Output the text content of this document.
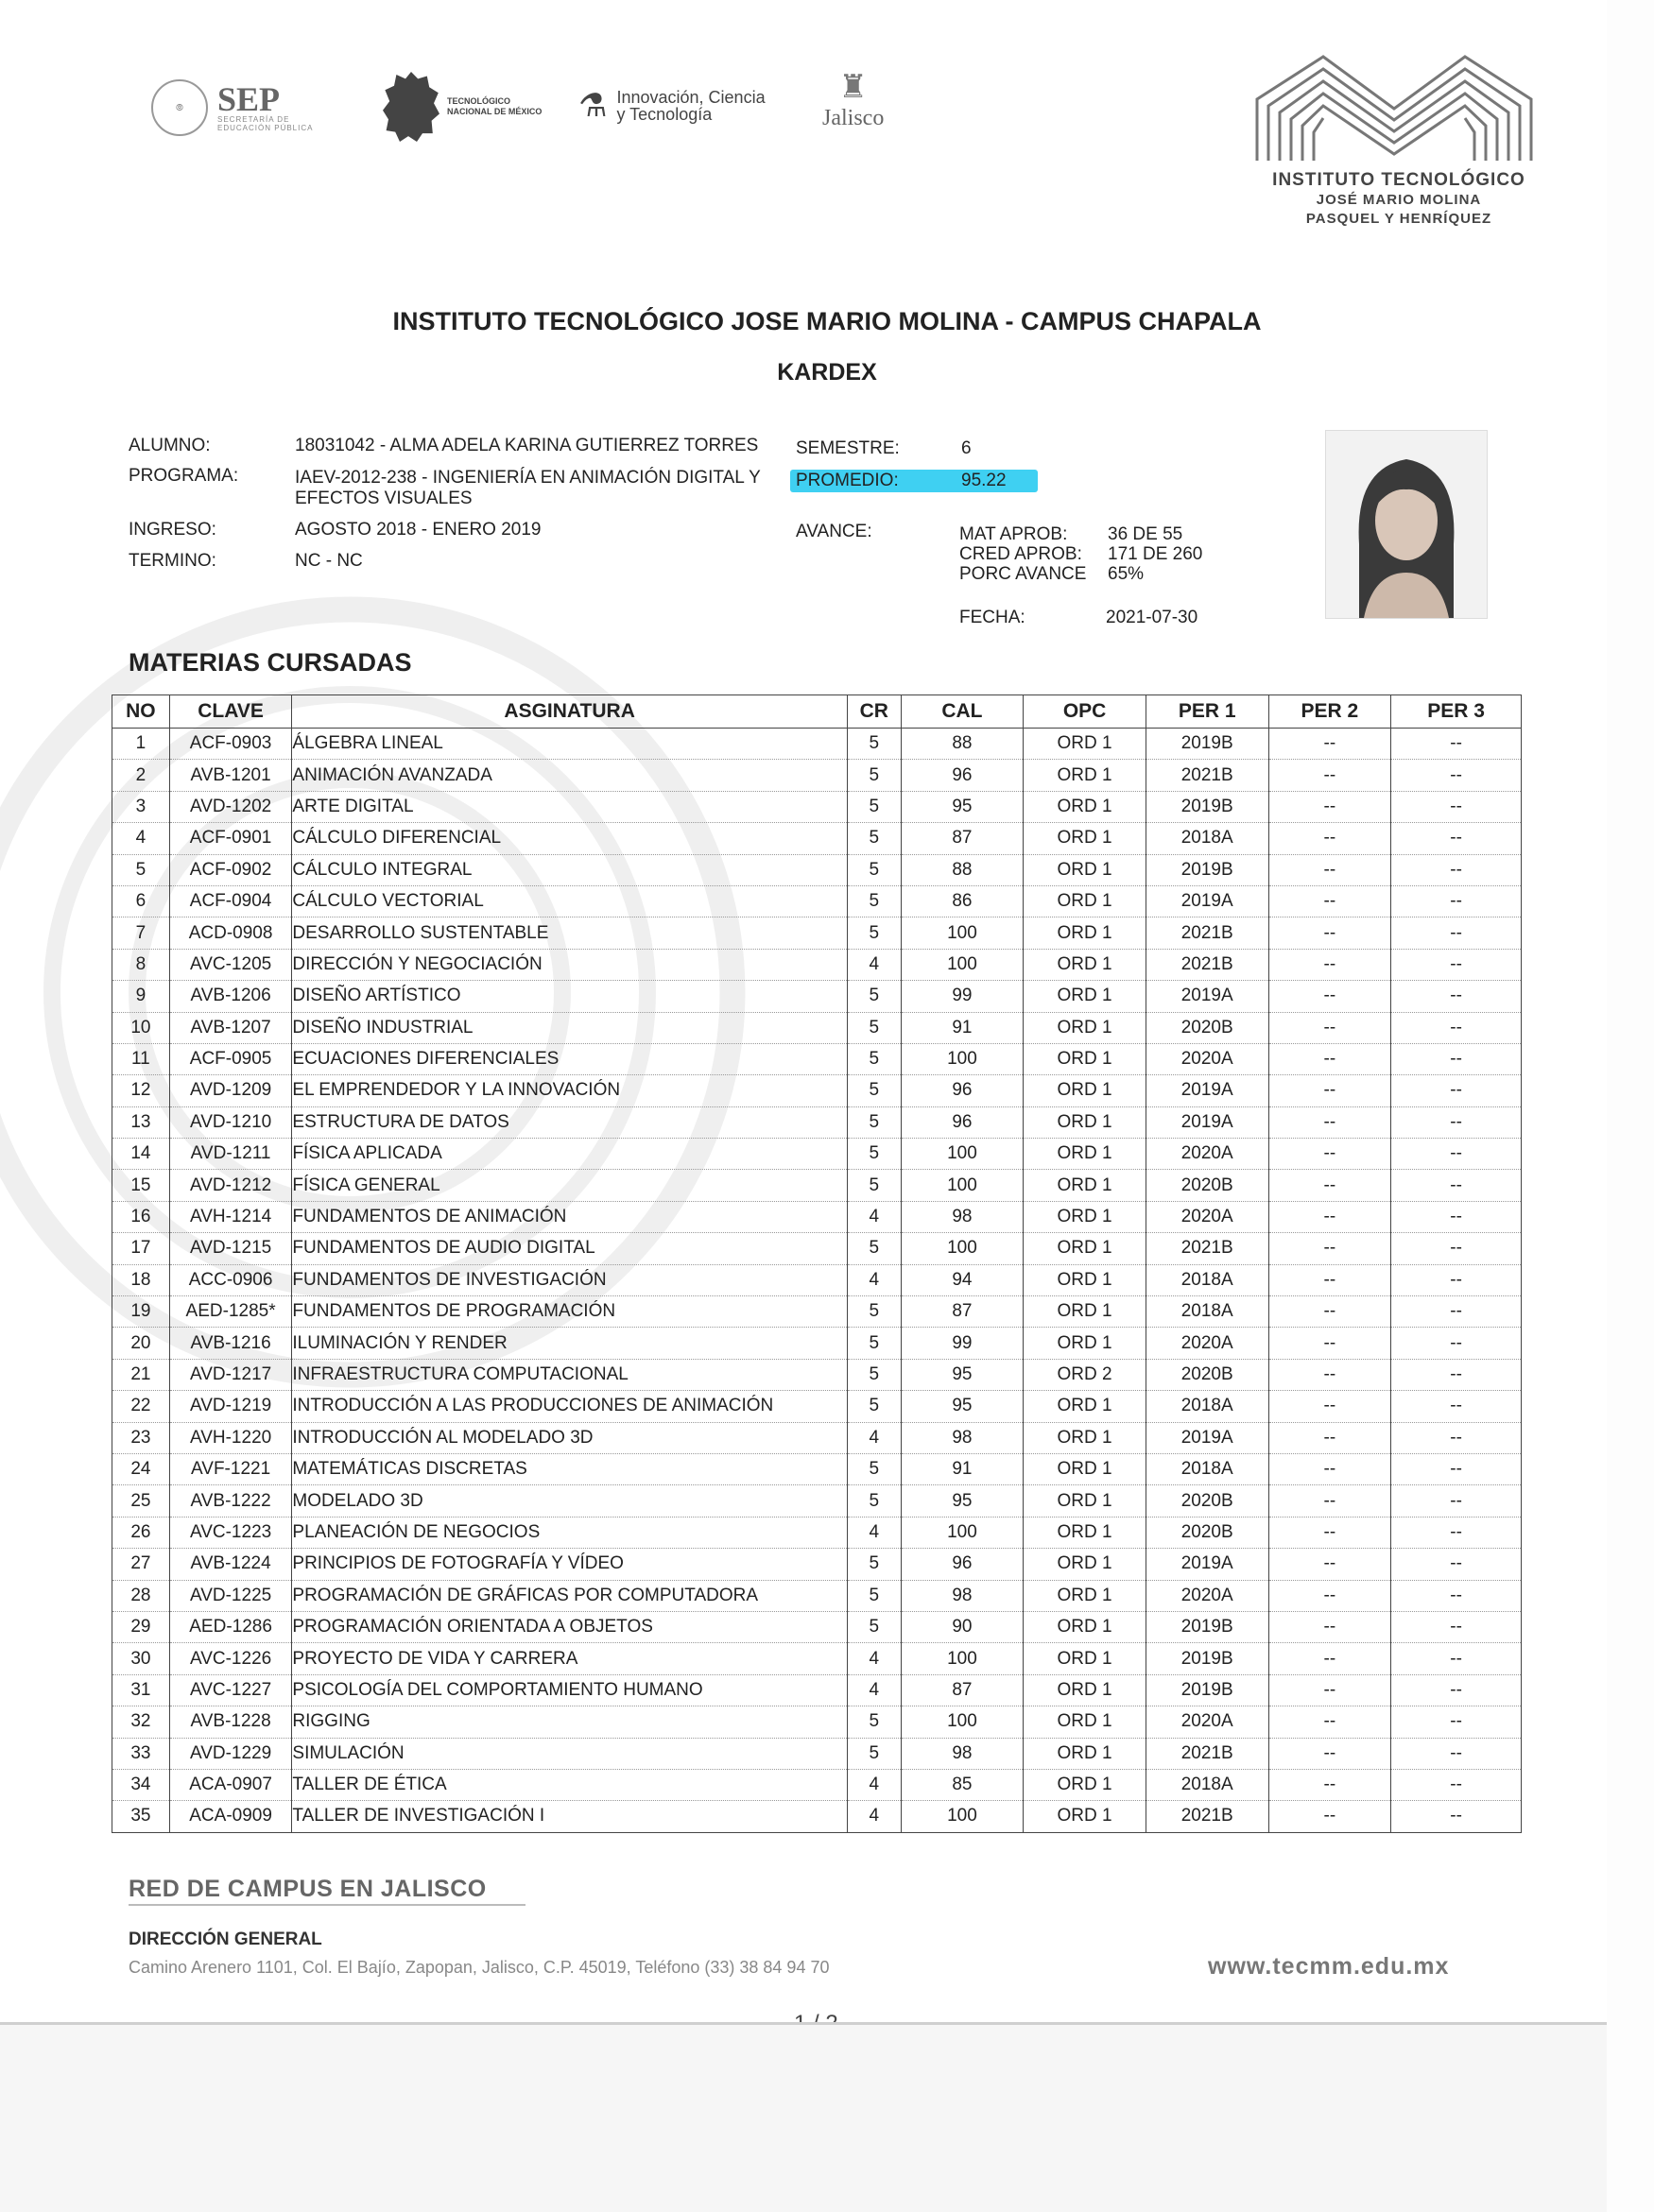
⦾	SEP
SECRETARÍA DE EDUCACIÓN PÚBLICA
TECNOLÓGICO
NACIONAL DE MÉXICO ⚗ Innovación, Ciencia
y Tecnología
♜
Jalisco
INSTITUTO TECNOLÓGICO
JOSÉ MARIO MOLINA
PASQUEL Y HENRÍQUEZ
INSTITUTO TECNOLÓGICO JOSE MARIO MOLINA - CAMPUS CHAPALA
KARDEX
ALUMNO:	18031042 - ALMA ADELA KARINA GUTIERREZ TORRES
PROGRAMA:	IAEV-2012-238 - INGENIERÍA EN ANIMACIÓN DIGITAL Y
EFECTOS VISUALES
INGRESO:	AGOSTO 2018 - ENERO 2019
TERMINO:	NC - NC
SEMESTRE:	6
PROMEDIO:	95.22
AVANCE:	MAT APROB: 36 DE 55
CRED APROB: 171 DE 260
PORC AVANCE 65%
FECHA:	2021-07-30
MATERIAS CURSADAS
NO	CLAVE	ASGINATURA	CR	CAL	OPC	PER 1	PER 2	PER 3
1	ACF-0903	ÁLGEBRA LINEAL	5	88	ORD 1	2019B	--	--
2	AVB-1201	ANIMACIÓN AVANZADA	5	96	ORD 1	2021B	--	--
3	AVD-1202	ARTE DIGITAL	5	95	ORD 1	2019B	--	--
4	ACF-0901	CÁLCULO DIFERENCIAL	5	87	ORD 1	2018A	--	--
5	ACF-0902	CÁLCULO INTEGRAL	5	88	ORD 1	2019B	--	--
6	ACF-0904	CÁLCULO VECTORIAL	5	86	ORD 1	2019A	--	--
7	ACD-0908	DESARROLLO SUSTENTABLE	5	100	ORD 1	2021B	--	--
8	AVC-1205	DIRECCIÓN Y NEGOCIACIÓN	4	100	ORD 1	2021B	--	--
9	AVB-1206	DISEÑO ARTÍSTICO	5	99	ORD 1	2019A	--	--
10	AVB-1207	DISEÑO INDUSTRIAL	5	91	ORD 1	2020B	--	--
11	ACF-0905	ECUACIONES DIFERENCIALES	5	100	ORD 1	2020A	--	--
12	AVD-1209	EL EMPRENDEDOR Y LA INNOVACIÓN	5	96	ORD 1	2019A	--	--
13	AVD-1210	ESTRUCTURA DE DATOS	5	96	ORD 1	2019A	--	--
14	AVD-1211	FÍSICA APLICADA	5	100	ORD 1	2020A	--	--
15	AVD-1212	FÍSICA GENERAL	5	100	ORD 1	2020B	--	--
16	AVH-1214	FUNDAMENTOS DE ANIMACIÓN	4	98	ORD 1	2020A	--	--
17	AVD-1215	FUNDAMENTOS DE AUDIO DIGITAL	5	100	ORD 1	2021B	--	--
18	ACC-0906	FUNDAMENTOS DE INVESTIGACIÓN	4	94	ORD 1	2018A	--	--
19	AED-1285*	FUNDAMENTOS DE PROGRAMACIÓN	5	87	ORD 1	2018A	--	--
20	AVB-1216	ILUMINACIÓN Y RENDER	5	99	ORD 1	2020A	--	--
21	AVD-1217	INFRAESTRUCTURA COMPUTACIONAL	5	95	ORD 2	2020B	--	--
22	AVD-1219	INTRODUCCIÓN A LAS PRODUCCIONES DE ANIMACIÓN	5	95	ORD 1	2018A	--	--
23	AVH-1220	INTRODUCCIÓN AL MODELADO 3D	4	98	ORD 1	2019A	--	--
24	AVF-1221	MATEMÁTICAS DISCRETAS	5	91	ORD 1	2018A	--	--
25	AVB-1222	MODELADO 3D	5	95	ORD 1	2020B	--	--
26	AVC-1223	PLANEACIÓN DE NEGOCIOS	4	100	ORD 1	2020B	--	--
27	AVB-1224	PRINCIPIOS DE FOTOGRAFÍA Y VÍDEO	5	96	ORD 1	2019A	--	--
28	AVD-1225	PROGRAMACIÓN DE GRÁFICAS POR COMPUTADORA	5	98	ORD 1	2020A	--	--
29	AED-1286	PROGRAMACIÓN ORIENTADA A OBJETOS	5	90	ORD 1	2019B	--	--
30	AVC-1226	PROYECTO DE VIDA Y CARRERA	4	100	ORD 1	2019B	--	--
31	AVC-1227	PSICOLOGÍA DEL COMPORTAMIENTO HUMANO	4	87	ORD 1	2019B	--	--
32	AVB-1228	RIGGING	5	100	ORD 1	2020A	--	--
33	AVD-1229	SIMULACIÓN	5	98	ORD 1	2021B	--	--
34	ACA-0907	TALLER DE ÉTICA	4	85	ORD 1	2018A	--	--
35	ACA-0909	TALLER DE INVESTIGACIÓN I	4	100	ORD 1	2021B	--	--
RED DE CAMPUS EN JALISCO
DIRECCIÓN GENERAL
Camino Arenero 1101, Col. El Bajío, Zapopan, Jalisco, C.P. 45019, Teléfono (33) 38 84 94 70	www.tecmm.edu.mx
